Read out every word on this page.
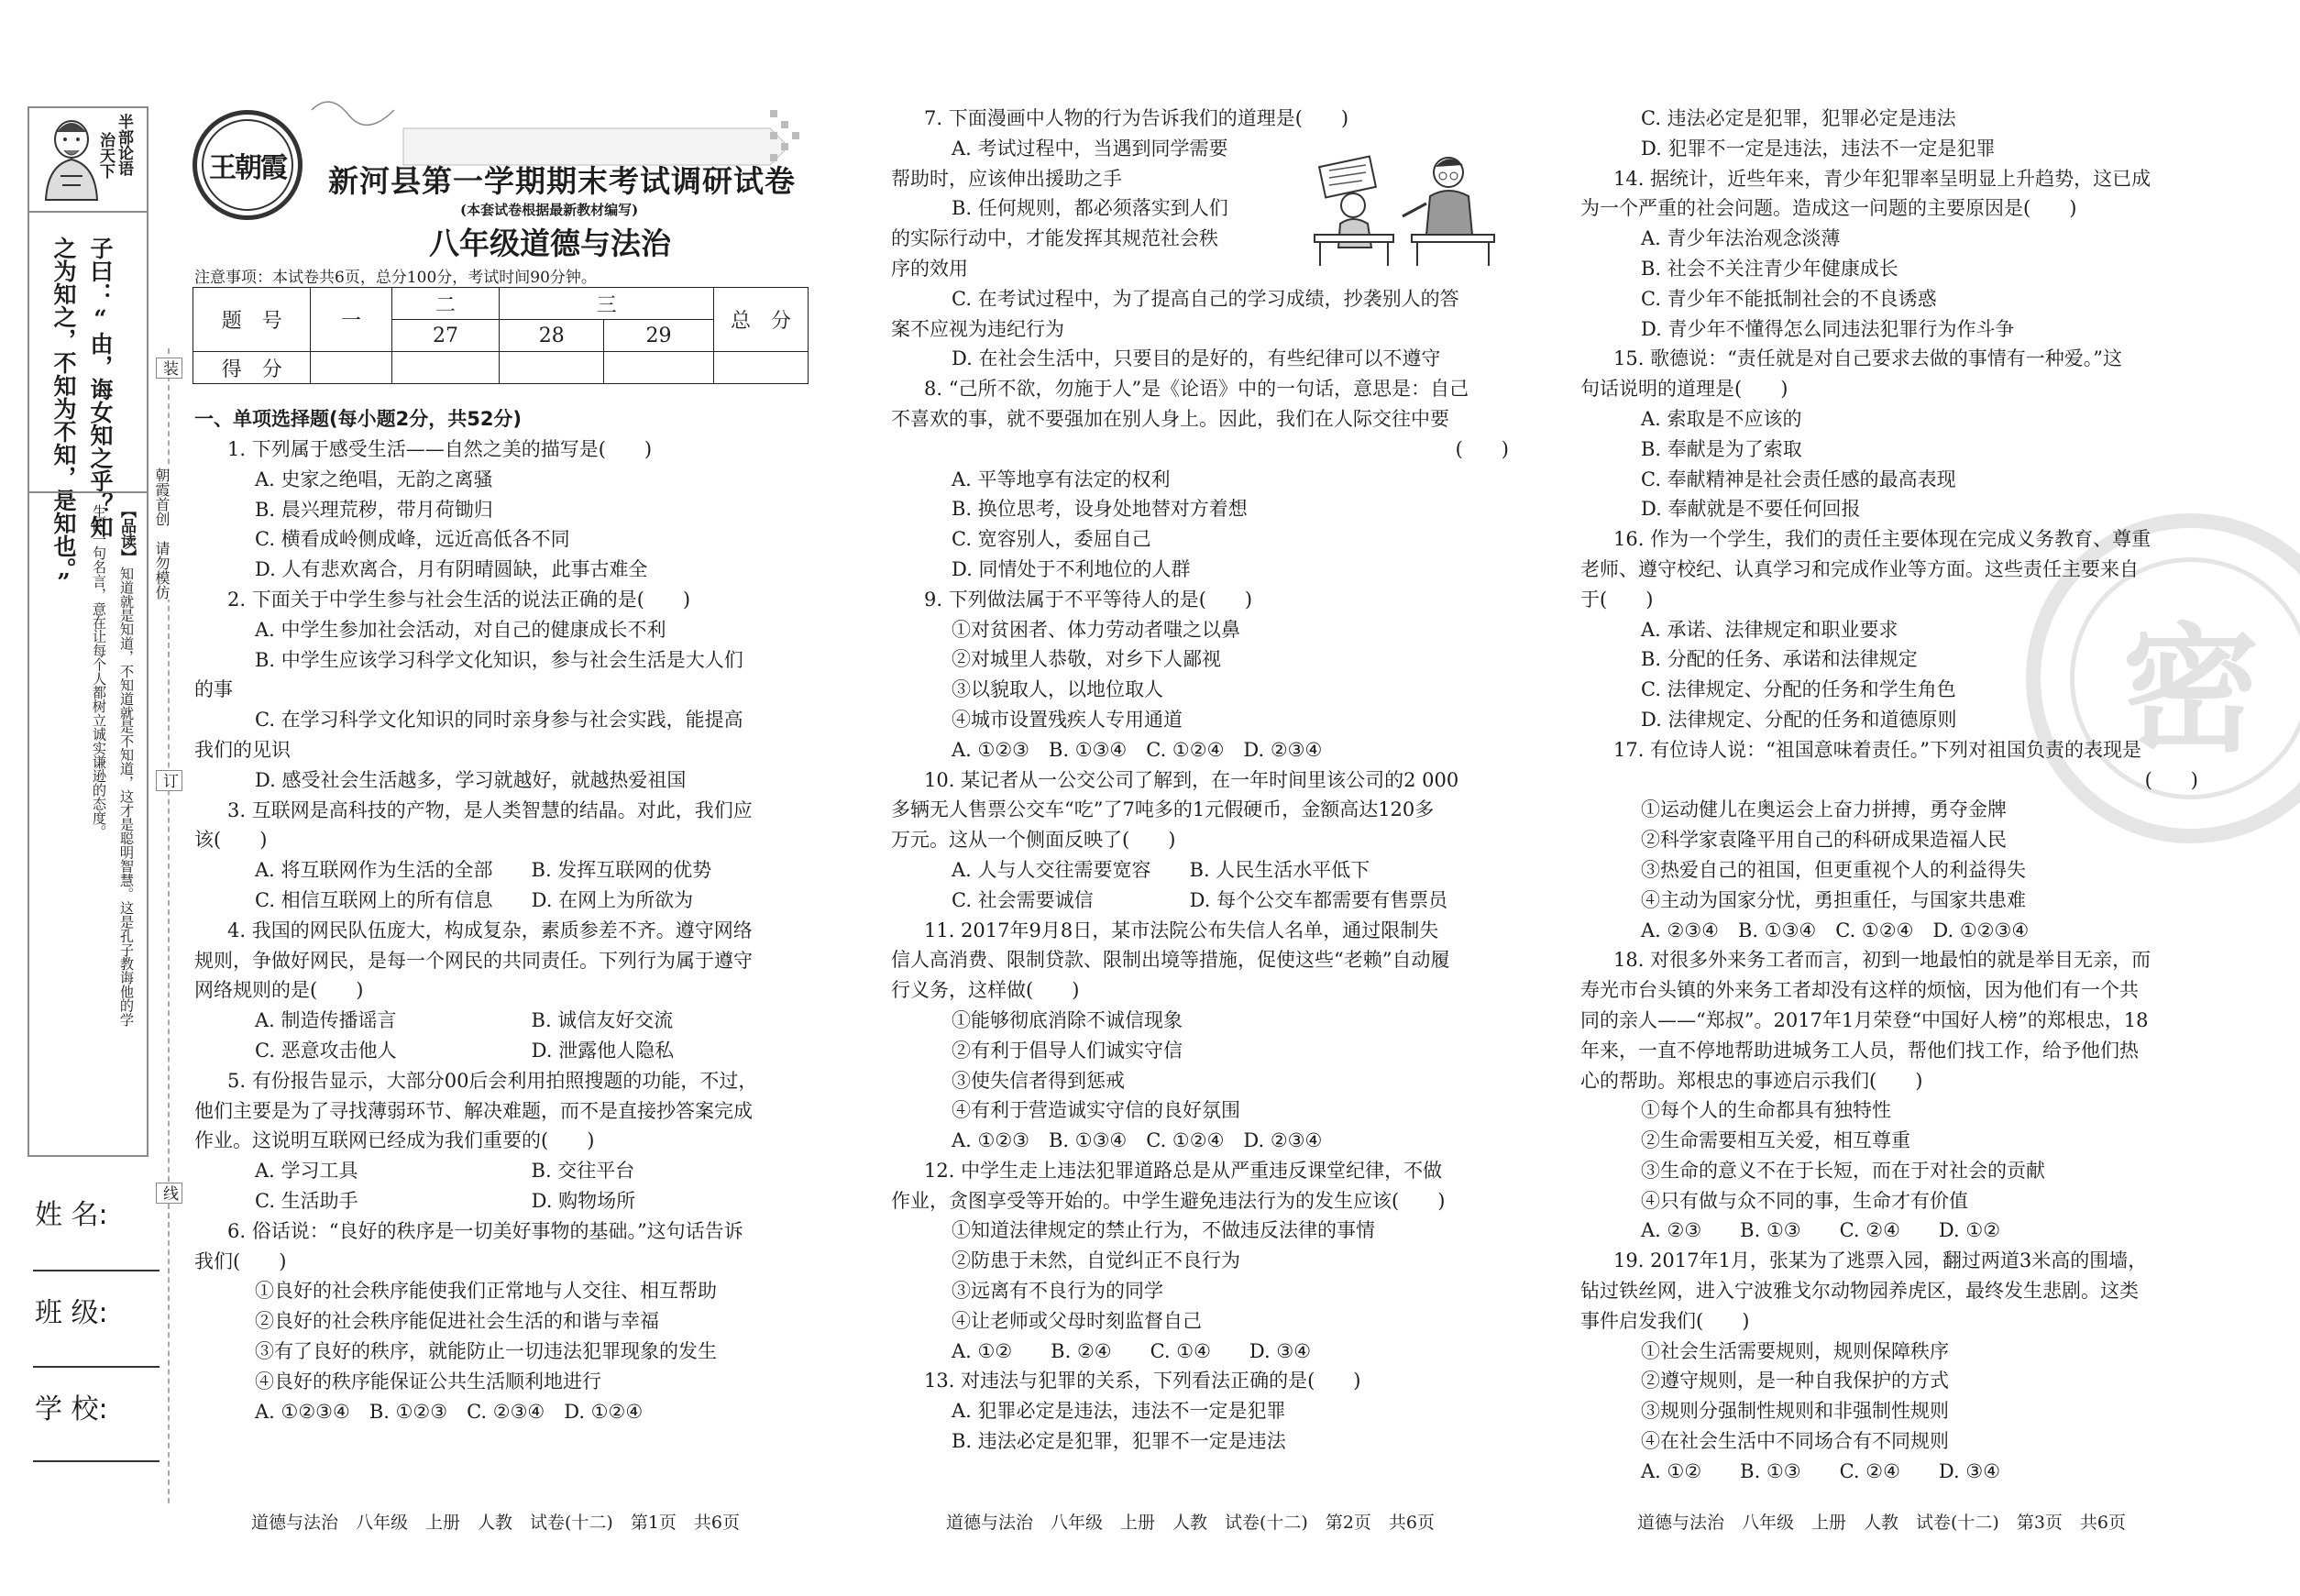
半部论语
治天下
子曰：“由，诲女知之乎？知
之为知之，不知为不知，是知也。”	【品读】
知道就是知道，不知道就是不知道，这才是聪明智慧。这是孔子教诲他的学
生的一句名言，意在让每个人都树立诚实谦逊的态度。
装
朝霞首创　请勿模仿
订
线
姓 名:
班 级:
学 校:
王朝霞 新河县第一学期期末考试调研试卷
(本套试卷根据最新教材编写)
八年级道德与法治
注意事项：本试卷共6页，总分100分，考试时间90分钟。
题　号	一	二	三		总　分
		27	28	29	
得　分					
一、单项选择题(每小题2分，共52分)
1. 下列属于感受生活——自然之美的描写是(　　)
A. 史家之绝唱，无韵之离骚
B. 晨兴理荒秽，带月荷锄归
C. 横看成岭侧成峰，远近高低各不同
D. 人有悲欢离合，月有阴晴圆缺，此事古难全
2. 下面关于中学生参与社会生活的说法正确的是(　　)
A. 中学生参加社会活动，对自己的健康成长不利
B. 中学生应该学习科学文化知识，参与社会生活是大人们
的事
C. 在学习科学文化知识的同时亲身参与社会实践，能提高
我们的见识
D. 感受社会生活越多，学习就越好，就越热爱祖国
3. 互联网是高科技的产物，是人类智慧的结晶。对此，我们应
该(　　)
A. 将互联网作为生活的全部　　B. 发挥互联网的优势
C. 相信互联网上的所有信息　　D. 在网上为所欲为
4. 我国的网民队伍庞大，构成复杂，素质参差不齐。遵守网络
规则，争做好网民，是每一个网民的共同责任。下列行为属于遵守
网络规则的是(　　)
A. 制造传播谣言　　　　　　　B. 诚信友好交流
C. 恶意攻击他人　　　　　　　D. 泄露他人隐私
5. 有份报告显示，大部分00后会利用拍照搜题的功能，不过，
他们主要是为了寻找薄弱环节、解决难题，而不是直接抄答案完成
作业。这说明互联网已经成为我们重要的(　　)
A. 学习工具　　　　　　　　　B. 交往平台
C. 生活助手　　　　　　　　　D. 购物场所
6. 俗话说：“良好的秩序是一切美好事物的基础。”这句话告诉
我们(　　)
①良好的社会秩序能使我们正常地与人交往、相互帮助
②良好的社会秩序能促进社会生活的和谐与幸福
③有了良好的秩序，就能防止一切违法犯罪现象的发生
④良好的秩序能保证公共生活顺利地进行
A. ①②③④　B. ①②③　C. ②③④　D. ①②④
道德与法治　八年级　上册　人教　试卷(十二)　第1页　共6页
7. 下面漫画中人物的行为告诉我们的道理是(　　)
A. 考试过程中，当遇到同学需要
帮助时，应该伸出援助之手
B. 任何规则，都必须落实到人们
的实际行动中，才能发挥其规范社会秩
序的效用
C. 在考试过程中，为了提高自己的学习成绩，抄袭别人的答
案不应视为违纪行为
D. 在社会生活中，只要目的是好的，有些纪律可以不遵守
8. “己所不欲，勿施于人”是《论语》中的一句话，意思是：自己
不喜欢的事，就不要强加在别人身上。因此，我们在人际交往中要
(　　)
A. 平等地享有法定的权利
B. 换位思考，设身处地替对方着想
C. 宽容别人，委屈自己
D. 同情处于不利地位的人群
9. 下列做法属于不平等待人的是(　　)
①对贫困者、体力劳动者嗤之以鼻
②对城里人恭敬，对乡下人鄙视
③以貌取人，以地位取人
④城市设置残疾人专用通道
A. ①②③　B. ①③④　C. ①②④　D. ②③④
10. 某记者从一公交公司了解到，在一年时间里该公司的2 000
多辆无人售票公交车“吃”了7吨多的1元假硬币，金额高达120多
万元。这从一个侧面反映了(　　)
A. 人与人交往需要宽容　　B. 人民生活水平低下
C. 社会需要诚信　　　　　D. 每个公交车都需要有售票员
11. 2017年9月8日，某市法院公布失信人名单，通过限制失
信人高消费、限制贷款、限制出境等措施，促使这些“老赖”自动履
行义务，这样做(　　)
①能够彻底消除不诚信现象
②有利于倡导人们诚实守信
③使失信者得到惩戒
④有利于营造诚实守信的良好氛围
A. ①②③　B. ①③④　C. ①②④　D. ②③④
12. 中学生走上违法犯罪道路总是从严重违反课堂纪律，不做
作业，贪图享受等开始的。中学生避免违法行为的发生应该(　　)
①知道法律规定的禁止行为，不做违反法律的事情
②防患于未然，自觉纠正不良行为
③远离有不良行为的同学
④让老师或父母时刻监督自己
A. ①②　　B. ②④　　C. ①④　　D. ③④
13. 对违法与犯罪的关系，下列看法正确的是(　　)
A. 犯罪必定是违法，违法不一定是犯罪
B. 违法必定是犯罪，犯罪不一定是违法
道德与法治　八年级　上册　人教　试卷(十二)　第2页　共6页
密
C. 违法必定是犯罪，犯罪必定是违法
D. 犯罪不一定是违法，违法不一定是犯罪
14. 据统计，近些年来，青少年犯罪率呈明显上升趋势，这已成
为一个严重的社会问题。造成这一问题的主要原因是(　　)
A. 青少年法治观念淡薄
B. 社会不关注青少年健康成长
C. 青少年不能抵制社会的不良诱惑
D. 青少年不懂得怎么同违法犯罪行为作斗争
15. 歌德说：“责任就是对自己要求去做的事情有一种爱。”这
句话说明的道理是(　　)
A. 索取是不应该的
B. 奉献是为了索取
C. 奉献精神是社会责任感的最高表现
D. 奉献就是不要任何回报
16. 作为一个学生，我们的责任主要体现在完成义务教育、尊重
老师、遵守校纪、认真学习和完成作业等方面。这些责任主要来自
于(　　)
A. 承诺、法律规定和职业要求
B. 分配的任务、承诺和法律规定
C. 法律规定、分配的任务和学生角色
D. 法律规定、分配的任务和道德原则
17. 有位诗人说：“祖国意味着责任。”下列对祖国负责的表现是
(　　)
①运动健儿在奥运会上奋力拼搏，勇夺金牌
②科学家袁隆平用自己的科研成果造福人民
③热爱自己的祖国，但更重视个人的利益得失
④主动为国家分忧，勇担重任，与国家共患难
A. ②③④　B. ①③④　C. ①②④　D. ①②③④
18. 对很多外来务工者而言，初到一地最怕的就是举目无亲，而
寿光市台头镇的外来务工者却没有这样的烦恼，因为他们有一个共
同的亲人——“郑叔”。2017年1月荣登“中国好人榜”的郑根忠，18
年来，一直不停地帮助进城务工人员，帮他们找工作，给予他们热
心的帮助。郑根忠的事迹启示我们(　　)
①每个人的生命都具有独特性
②生命需要相互关爱，相互尊重
③生命的意义不在于长短，而在于对社会的贡献
④只有做与众不同的事，生命才有价值
A. ②③　　B. ①③　　C. ②④　　D. ①②
19. 2017年1月，张某为了逃票入园，翻过两道3米高的围墙，
钻过铁丝网，进入宁波雅戈尔动物园养虎区，最终发生悲剧。这类
事件启发我们(　　)
①社会生活需要规则，规则保障秩序
②遵守规则，是一种自我保护的方式
③规则分强制性规则和非强制性规则
④在社会生活中不同场合有不同规则
A. ①②　　B. ①③　　C. ②④　　D. ③④
道德与法治　八年级　上册　人教　试卷(十二)　第3页　共6页
